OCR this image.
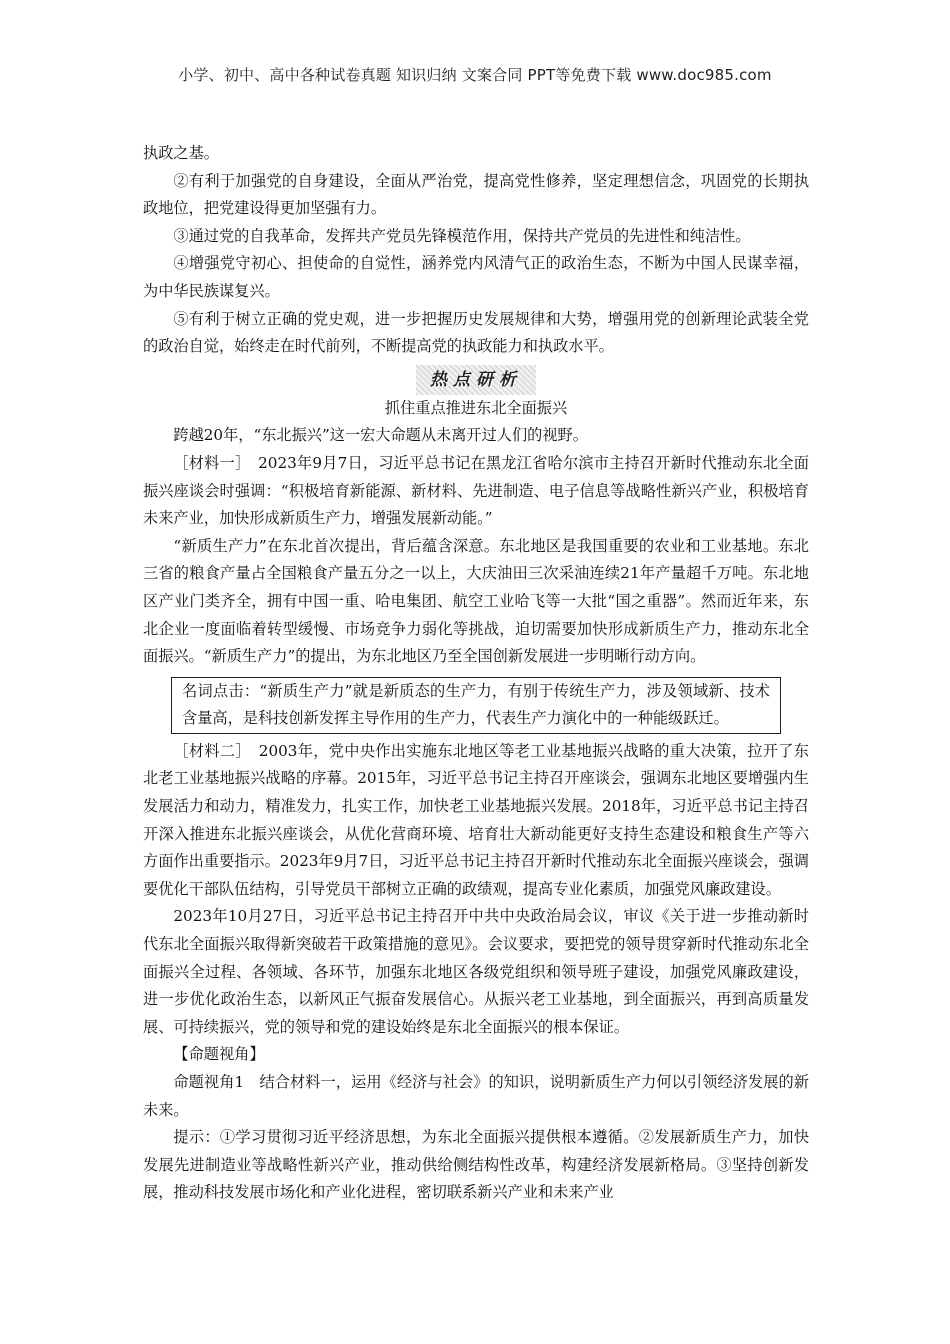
小学、初中、高中各种试卷真题 知识归纳 文案合同 PPT等免费下载 www.doc985.com

执政之基。

②有利于加强党的自身建设，全面从严治党，提高党性修养，坚定理想信念，巩固党的长期执政地位，把党建设得更加坚强有力。

③通过党的自我革命，发挥共产党员先锋模范作用，保持共产党员的先进性和纯洁性。

④增强党守初心、担使命的自觉性，涵养党内风清气正的政治生态，不断为中国人民谋幸福，为中华民族谋复兴。

⑤有利于树立正确的党史观，进一步把握历史发展规律和大势，增强用党的创新理论武装全党的政治自觉，始终走在时代前列，不断提高党的执政能力和执政水平。

热点研析

抓住重点推进东北全面振兴

跨越20年，“东北振兴”这一宏大命题从未离开过人们的视野。

［材料一］　2023年9月7日，习近平总书记在黑龙江省哈尔滨市主持召开新时代推动东北全面振兴座谈会时强调：“积极培育新能源、新材料、先进制造、电子信息等战略性新兴产业，积极培育未来产业，加快形成新质生产力，增强发展新动能。”

“新质生产力”在东北首次提出，背后蕴含深意。东北地区是我国重要的农业和工业基地。东北三省的粮食产量占全国粮食产量五分之一以上，大庆油田三次采油连续21年产量超千万吨。东北地区产业门类齐全，拥有中国一重、哈电集团、航空工业哈飞等一大批“国之重器”。然而近年来，东北企业一度面临着转型缓慢、市场竞争力弱化等挑战，迫切需要加快形成新质生产力，推动东北全面振兴。“新质生产力”的提出，为东北地区乃至全国创新发展进一步明晰行动方向。

名词点击：“新质生产力”就是新质态的生产力，有别于传统生产力，涉及领域新、技术含量高，是科技创新发挥主导作用的生产力，代表生产力演化中的一种能级跃迁。

［材料二］　2003年，党中央作出实施东北地区等老工业基地振兴战略的重大决策，拉开了东北老工业基地振兴战略的序幕。2015年，习近平总书记主持召开座谈会，强调东北地区要增强内生发展活力和动力，精准发力，扎实工作，加快老工业基地振兴发展。2018年，习近平总书记主持召开深入推进东北振兴座谈会，从优化营商环境、培育壮大新动能更好支持生态建设和粮食生产等六方面作出重要指示。2023年9月7日，习近平总书记主持召开新时代推动东北全面振兴座谈会，强调要优化干部队伍结构，引导党员干部树立正确的政绩观，提高专业化素质，加强党风廉政建设。

2023年10月27日，习近平总书记主持召开中共中央政治局会议，审议《关于进一步推动新时代东北全面振兴取得新突破若干政策措施的意见》。会议要求，要把党的领导贯穿新时代推动东北全面振兴全过程、各领域、各环节，加强东北地区各级党组织和领导班子建设，加强党风廉政建设，进一步优化政治生态，以新风正气振奋发展信心。从振兴老工业基地，到全面振兴，再到高质量发展、可持续振兴，党的领导和党的建设始终是东北全面振兴的根本保证。

【命题视角】

命题视角1　结合材料一，运用《经济与社会》的知识，说明新质生产力何以引领经济发展的新未来。

提示：①学习贯彻习近平经济思想，为东北全面振兴提供根本遵循。②发展新质生产力，加快发展先进制造业等战略性新兴产业，推动供给侧结构性改革，构建经济发展新格局。③坚持创新发展，推动科技发展市场化和产业化进程，密切联系新兴产业和未来产业
